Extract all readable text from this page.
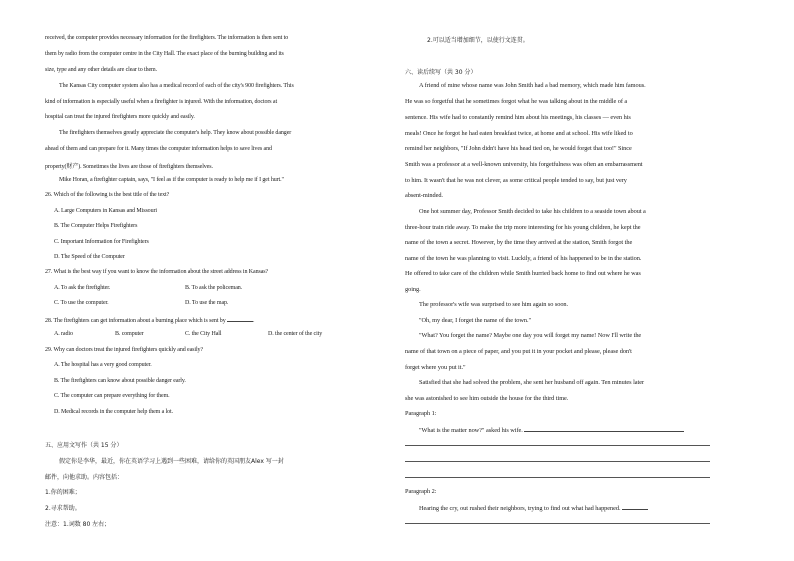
received, the computer provides necessary information for the firefighters. The information is then sent to

them by radio from the computer centre in the City Hall. The exact place of the burning building and its

size, type and any other details are clear to them.

The Kansas City computer system also has a medical record of each of the city's 900 firefighters. This

kind of information is especially useful when a firefighter is injured. With the information, doctors at

hospital can treat the injured firefighters more quickly and easily.

The firefighters themselves greatly appreciate the computer's help. They know about possible danger

ahead of them and can prepare for it. Many times the computer information helps to save lives and

property(财产). Sometimes the lives are those of firefighters themselves.

Mike Horan, a firefighter captain, says, "I feel as if the computer is ready to help me if I get hurt."

26. Which of the following is the best title of the text?

A. Large Computers in Kansas and Missouri

B. The Computer Helps Firefighters

C. Important Information for Firefighters

D. The Speed of the Computer

27. What is the best way if you want to know the information about the street address in Kansas?

A. To ask the firefighter.	B. To ask the policeman.

C. To use the computer.	D. To use the map.

28. The firefighters can get information about a burning place which is sent by	.

A. radio	B. computer	C. the City Hall	D. the center of the city

29. Why can doctors treat the injured firefighters quickly and easily?

A. The hospital has a very good computer.

B. The firefighters can know about possible danger early.

C. The computer can prepare everything for them.

D. Medical records in the computer help them a lot.

五、应用文写作（共 15 分）

假定你是李华，最近，你在英语学习上遇到一些困难，请给你的英国朋友Alex 写一封

邮件，向他求助。内容包括：

1.你的困难；

2.寻求帮助。

注意：1.词数 80 左右；

2.可以适当增加细节，以使行文连贯。

六、读后续写（共 30 分）

A friend of mine whose name was John Smith had a bad memory, which made him famous.

He was so forgetful that he sometimes forgot what he was talking about in the middle of a

sentence. His wife had to constantly remind him about his meetings, his classes — even his

meals! Once he forgot he had eaten breakfast twice, at home and at school. His wife liked to

remind her neighbors, "If John didn't have his head tied on, he would forget that too!" Since

Smith was a professor at a well-known university, his forgetfulness was often an embarrassment

to him. It wasn't that he was not clever, as some critical people tended to say, but just very

absent-minded.

One hot summer day, Professor Smith decided to take his children to a seaside town about a

three-hour train ride away. To make the trip more interesting for his young children, he kept the

name of the town a secret. However, by the time they arrived at the station, Smith forgot the

name of the town he was planning to visit. Luckily, a friend of his happened to be in the station.

He offered to take care of the children while Smith hurried back home to find out where he was

going.

The professor's wife was surprised to see him again so soon.

"Oh, my dear, I forget the name of the town."

"What? You forget the name? Maybe one day you will forget my name! Now I'll write the

name of that town on a piece of paper, and you put it in your pocket and please, please don't

forget where you put it."

Satisfied that she had solved the problem, she sent her husband off again. Ten minutes later

she was astonished to see him outside the house for the third time.

Paragraph 1:

"What is the matter now?" asked his wife.

Paragraph 2:

Hearing the cry, out rushed their neighbors, trying to find out what had happened.
